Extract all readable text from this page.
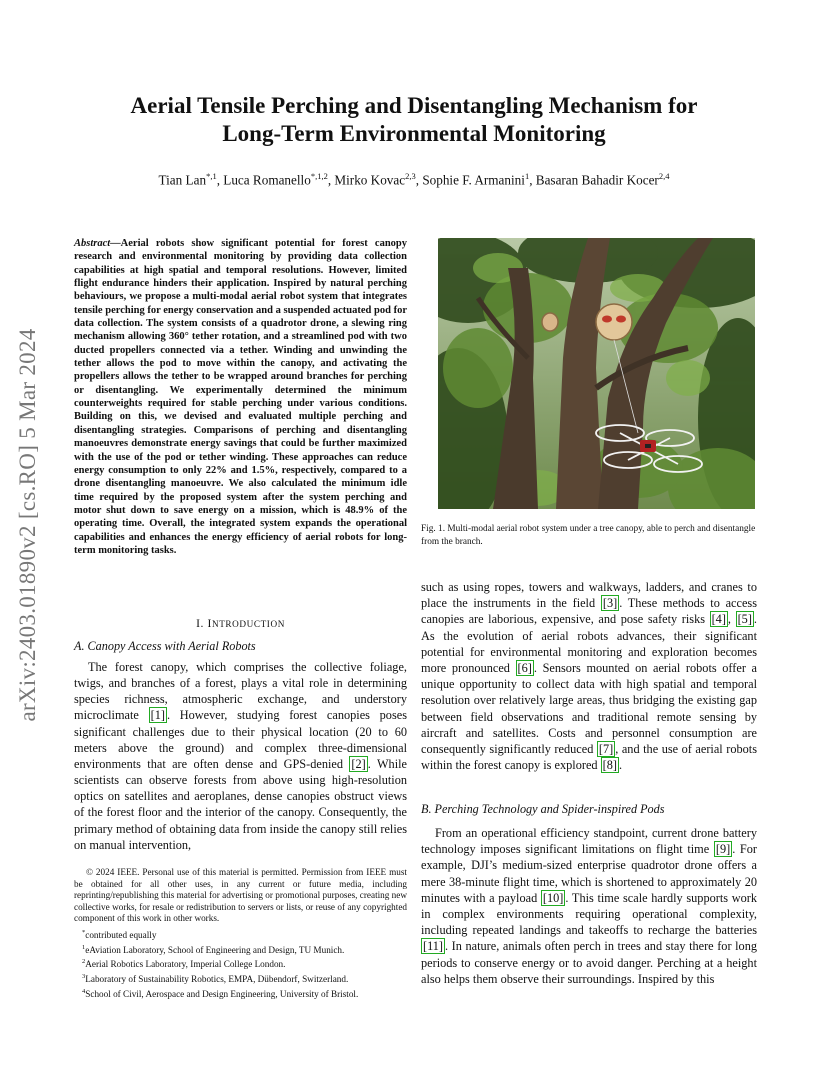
arXiv:2403.01890v2 [cs.RO] 5 Mar 2024
Aerial Tensile Perching and Disentangling Mechanism for
Long-Term Environmental Monitoring
Tian Lan$^{*,1}$, Luca Romanello$^{*,1,2}$, Mirko Kovac$^{2,3}$, Sophie F. Armanini$^1$, Basaran Bahadir Kocer$^{2,4}$
Abstract—Aerial robots show significant potential for forest canopy research and environmental monitoring by providing data collection capabilities at high spatial and temporal resolutions. However, limited flight endurance hinders their application. Inspired by natural perching behaviours, we propose a multi-modal aerial robot system that integrates tensile perching for energy conservation and a suspended actuated pod for data collection. The system consists of a quadrotor drone, a slewing ring mechanism allowing 360° tether rotation, and a streamlined pod with two ducted propellers connected via a tether. Winding and unwinding the tether allows the pod to move within the canopy, and activating the propellers allows the tether to be wrapped around branches for perching or disentangling. We experimentally determined the minimum counterweights required for stable perching under various conditions. Building on this, we devised and evaluated multiple perching and disentangling strategies. Comparisons of perching and disentangling manoeuvres demonstrate energy savings that could be further maximized with the use of the pod or tether winding. These approaches can reduce energy consumption to only 22% and 1.5%, respectively, compared to a drone disentangling manoeuvre. We also calculated the minimum idle time required by the proposed system after the system perching and motor shut down to save energy on a mission, which is 48.9% of the operating time. Overall, the integrated system expands the operational capabilities and enhances the energy efficiency of aerial robots for long-term monitoring tasks.
I. INTRODUCTION
A. Canopy Access with Aerial Robots

The forest canopy, which comprises the collective foliage, twigs, and branches of a forest, plays a vital role in determining species richness, atmospheric exchange, and understory microclimate [1] . However, studying forest canopies poses significant challenges due to their physical location (20 to 60 meters above the ground) and complex three-dimensional environments that are often dense and GPS-denied [2] . While scientists can observe forests from above using high-resolution optics on satellites and aeroplanes, dense canopies obstruct views of the forest floor and the interior of the canopy. Consequently, the primary method of obtaining data from inside the canopy still relies on manual intervention,

© 2024 IEEE. Personal use of this material is permitted. Permission from IEEE must be obtained for all other uses, in any current or future media, including reprinting/republishing this material for advertising or promotional purposes, creating new collective works, for resale or redistribution to servers or lists, or reuse of any copyrighted component of this work in other works.

*contributed equally

$^1$eAviation Laboratory, School of Engineering and Design, TU Munich.

$^2$Aerial Robotics Laboratory, Imperial College London.

$^3$Laboratory of Sustainability Robotics, EMPA, Dübendorf, Switzerland.

$^4$School of Civil, Aerospace and Design Engineering, University of Bristol.

Fig. 1. Multi-modal aerial robot system under a tree canopy, able to perch and disentangle from the branch.

such as using ropes, towers and walkways, ladders, and cranes to place the instruments in the field [3] . These methods to access canopies are laborious, expensive, and pose safety risks [4] , [5] . As the evolution of aerial robots advances, their significant potential for environmental monitoring and exploration becomes more pronounced [6] . Sensors mounted on aerial robots offer a unique opportunity to collect data with high spatial and temporal resolution over relatively large areas, thus bridging the existing gap between field observations and traditional remote sensing by aircraft and satellites. Costs and personnel consumption are consequently significantly reduced [7] , and the use of aerial robots within the forest canopy is explored [8] .

B. Perching Technology and Spider-inspired Pods

From an operational efficiency standpoint, current drone battery technology imposes significant limitations on flight time [9] . For example, DJI’s medium-sized enterprise quadrotor drone offers a mere 38-minute flight time, which is shortened to approximately 20 minutes with a payload [10] . This time scale hardly supports work in complex environments requiring operational complexity, including repeated landings and takeoffs to recharge the batteries [11] . In nature, animals often perch in trees and stay there for long periods to conserve energy or to avoid danger. Perching at a height also helps them observe their surroundings. Inspired by this
